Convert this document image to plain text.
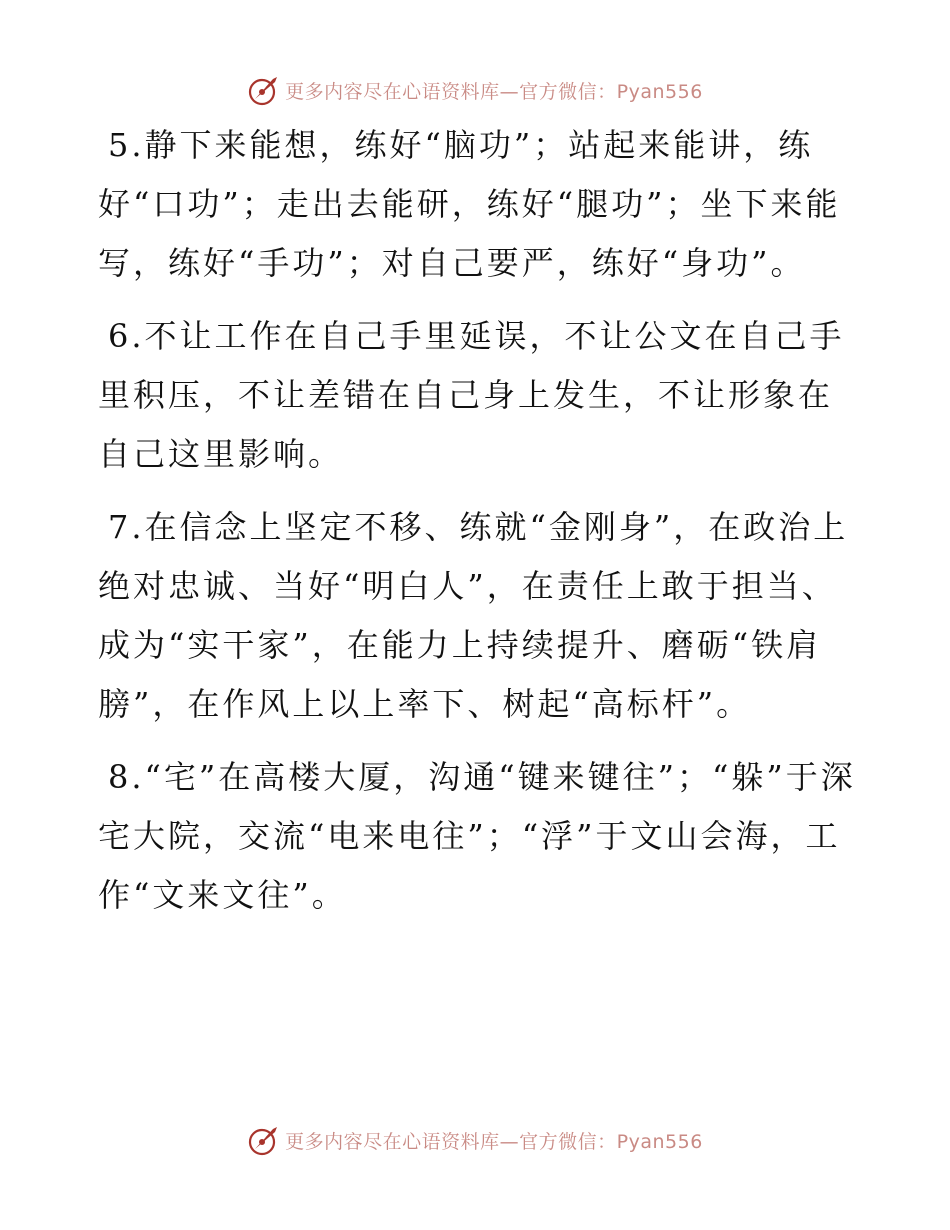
更多内容尽在心语资料库—官方微信：Pyan556

5.静下来能想，练好“脑功”；站起来能讲，练好“口功”；走出去能研，练好“腿功”；坐下来能写，练好“手功”；对自己要严，练好“身功”。

6.不让工作在自己手里延误，不让公文在自己手里积压，不让差错在自己身上发生，不让形象在自己这里影响。

7.在信念上坚定不移、练就“金刚身”，在政治上绝对忠诚、当好“明白人”，在责任上敢于担当、成为“实干家”，在能力上持续提升、磨砺“铁肩膀”，在作风上以上率下、树起“高标杆”。

8.“宅”在高楼大厦，沟通“键来键往”；“躲”于深宅大院，交流“电来电往”；“浮”于文山会海，工作“文来文往”。

更多内容尽在心语资料库—官方微信：Pyan556
